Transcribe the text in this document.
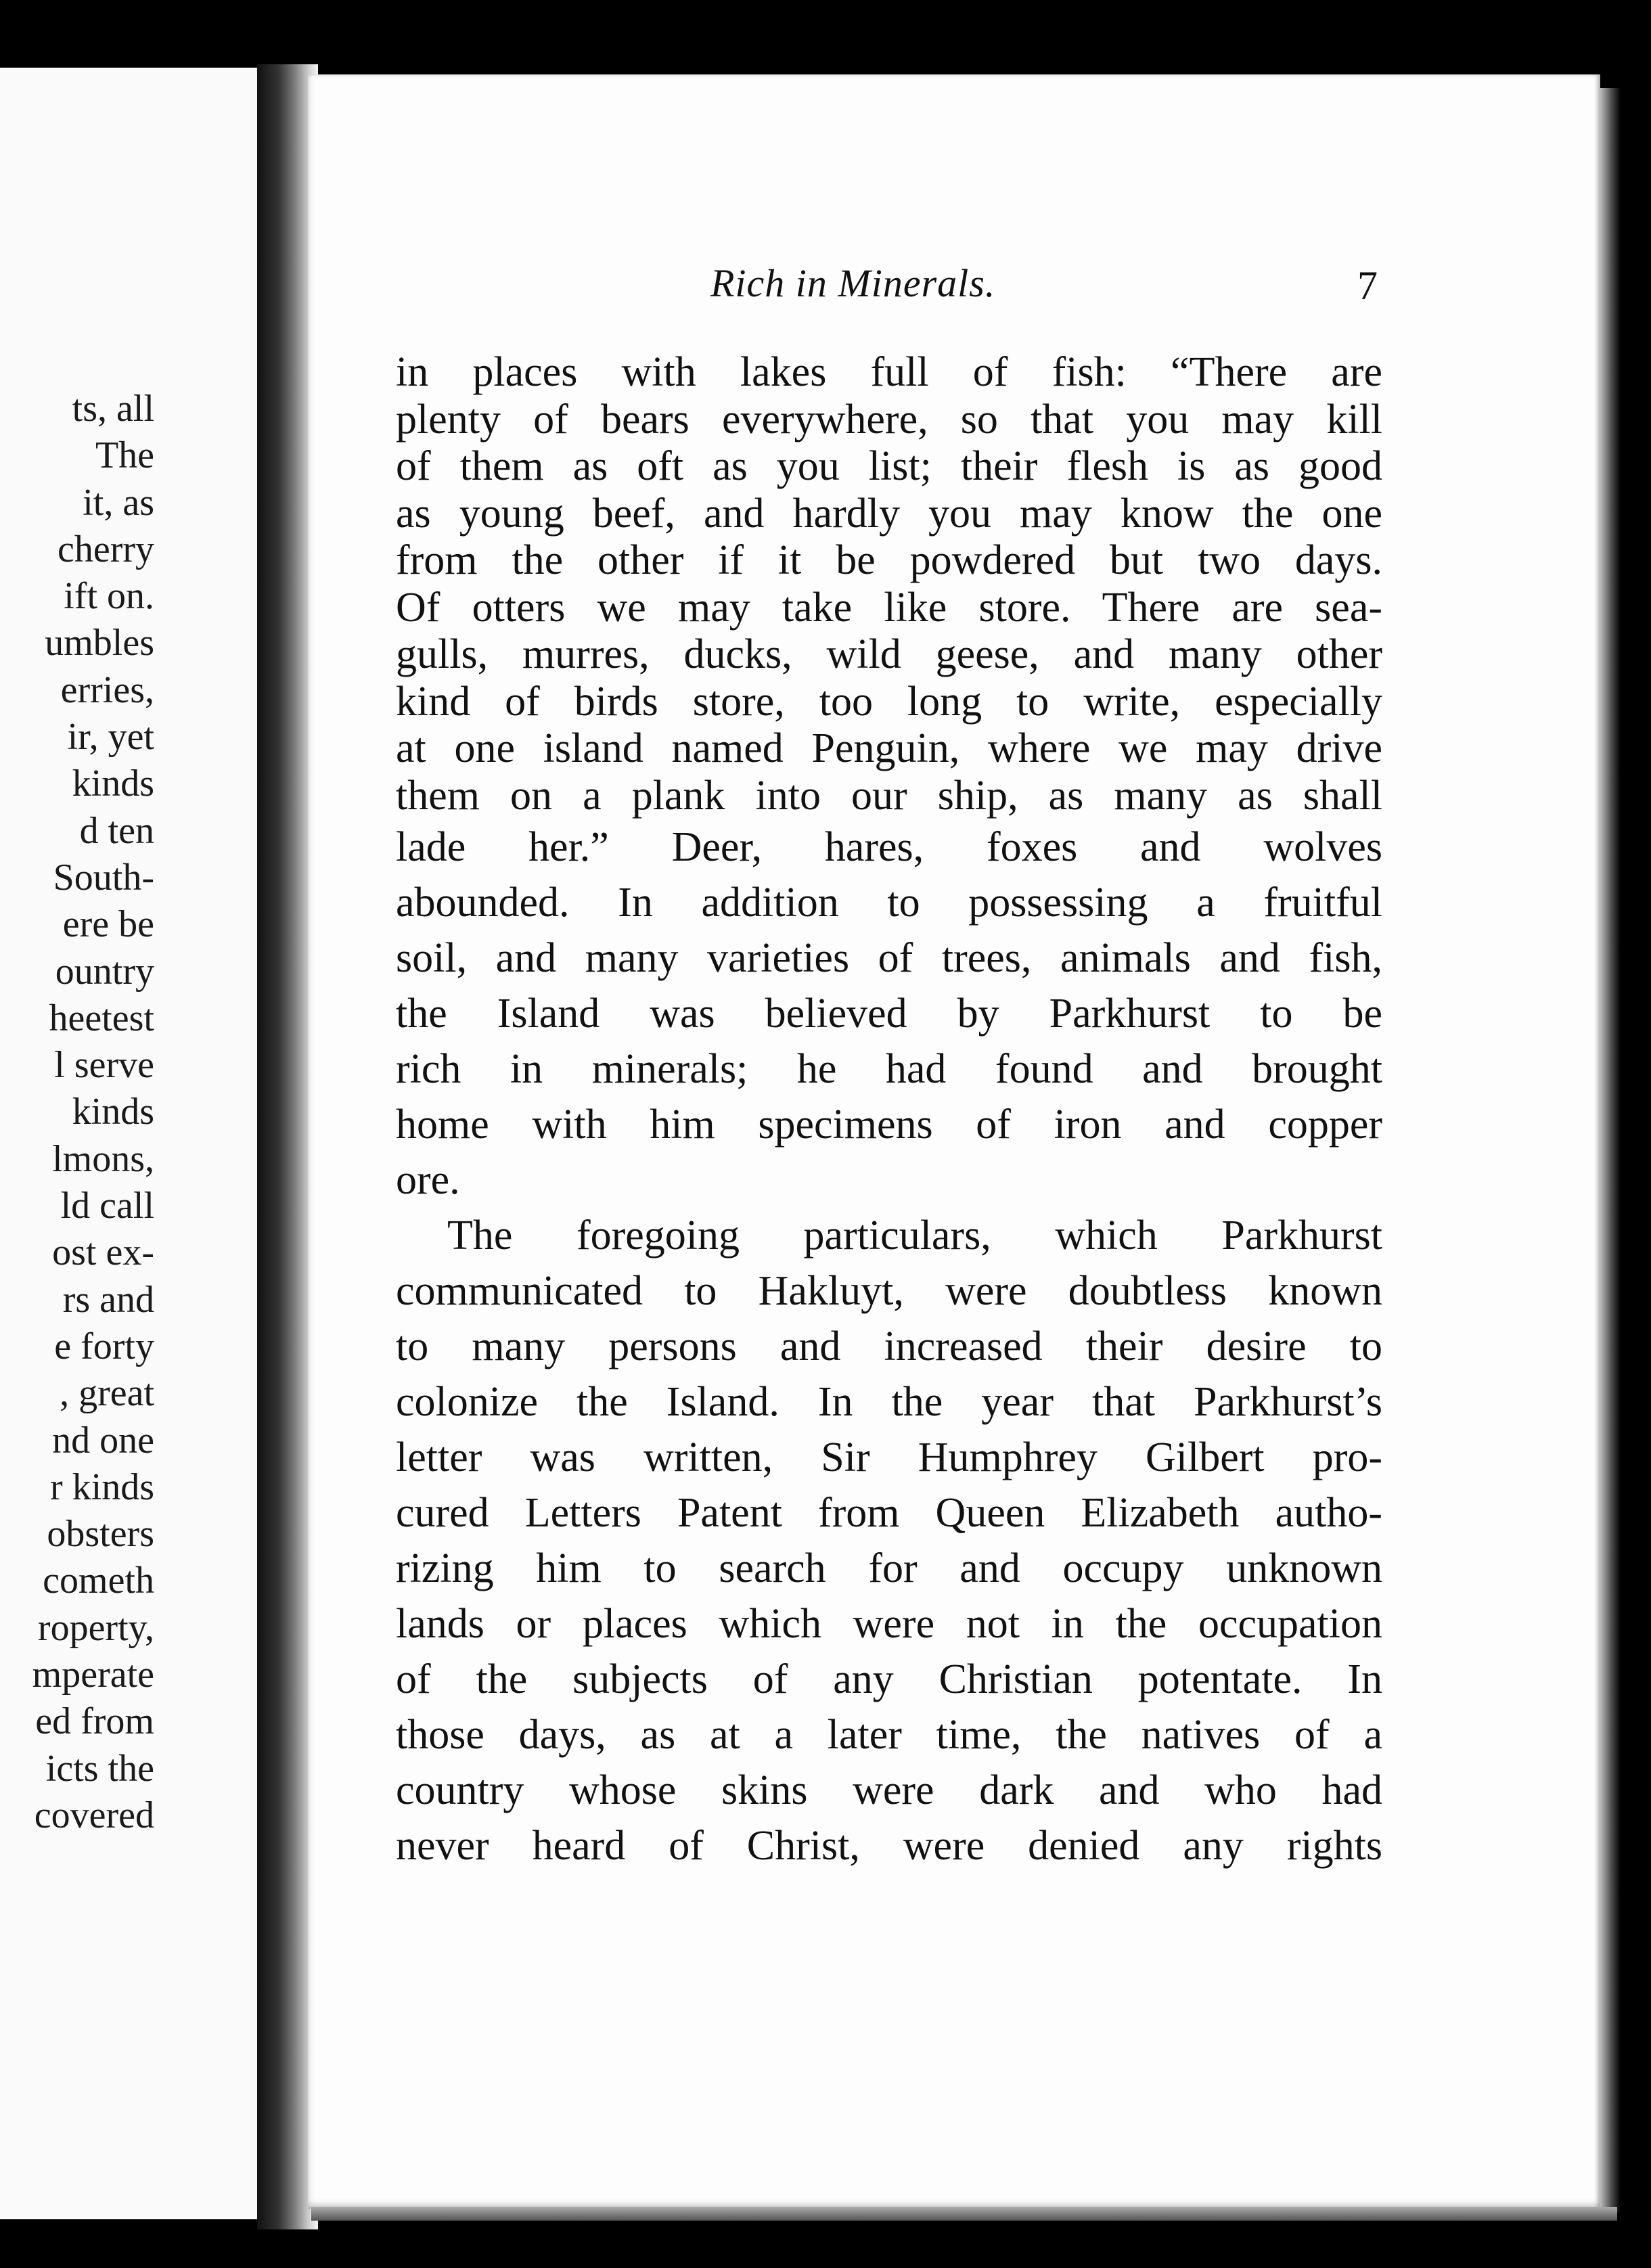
ts, all
The
it, as
cherry
ift on.
umbles
erries,
ir, yet
kinds
d ten
South-
ere be
ountry
heetest
l serve
kinds
lmons,
ld call
ost ex-
rs and
e forty
, great
nd one
r kinds
obsters
cometh
roperty,
mperate
ed from
icts the
covered
Rich in Minerals.	7
in places with lakes full of fish: “There are
plenty of bears everywhere, so that you may kill
of them as oft as you list; their flesh is as good
as young beef, and hardly you may know the one
from the other if it be powdered but two days.
Of otters we may take like store. There are sea-
gulls, murres, ducks, wild geese, and many other
kind of birds store, too long to write, especially
at one island named Penguin, where we may drive
them on a plank into our ship, as many as shall
lade her.” Deer, hares, foxes and wolves
abounded. In addition to possessing a fruitful
soil, and many varieties of trees, animals and fish,
the Island was believed by Parkhurst to be
rich in minerals; he had found and brought
home with him specimens of iron and copper
ore.
The foregoing particulars, which Parkhurst
communicated to Hakluyt, were doubtless known
to many persons and increased their desire to
colonize the Island. In the year that Parkhurst’s
letter was written, Sir Humphrey Gilbert pro-
cured Letters Patent from Queen Elizabeth autho-
rizing him to search for and occupy unknown
lands or places which were not in the occupation
of the subjects of any Christian potentate. In
those days, as at a later time, the natives of a
country whose skins were dark and who had
never heard of Christ, were denied any rights
